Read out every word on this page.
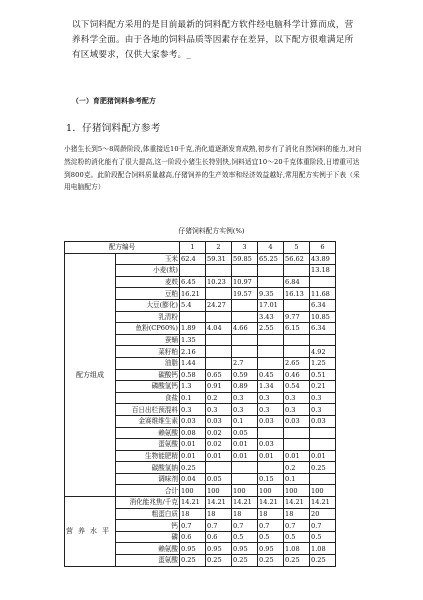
以下饲料配方采用的是目前最新的饲料配方软件经电脑科学计算而成，营养科学全面。由于各地的饲料品质等因素存在差异，以下配方很难满足所有区域要求，仅供大家参考。_
（一）育肥猪饲料参考配方
1．仔猪饲料配方参考
小猪生长到5～8周龄阶段,体重接近10千克,消化道逐渐发育成熟,初步有了消化自然饲料的能力,对自然淀粉的消化能有了很大提高,这一阶段小猪生长特别快,饲料适宜10～20千克体重阶段,日增重可达到800克。此阶段配合饲料质量越高,仔猪饲养的生产效率和经济效益越好,常用配方实例于下表（采用电脑配方）
仔猪饲料配方实例(%)
配方编号		1	2	3	4	5	6
配方组成	玉米	62.4	59.31	59.85	65.25	56.62	43.89
	小麦(麸)						13.18
	麦麸	6.45	10.23	10.97		6.84	
	豆粕	16.21		19.57	9.35	16.13	11.68
	大豆(膨化)	5.4	24.27		17.01		6.34
	乳清粉				3.43	9.77	10.85
	鱼粉(CP60%)	1.89	4.04	4.66	2.55	6.15	6.34
	蚕蛹	1.35					
	菜籽粕	2.16					4.92
	油脂	1.44		2.7		2.65	1.25
	碳酸钙	0.58	0.65	0.59	0.45	0.46	0.51
	磷酸氢钙	1.3	0.91	0.89	1.34	0.54	0.21
	食盐	0.1	0.2	0.3	0.3	0.3	0.3
	百日出栏预混料	0.3	0.3	0.3	0.3	0.3	0.3
	金赛维维生素	0.03	0.03	0.1	0.03	0.03	0.03
	赖氨酸	0.08	0.02	0.05			
	蛋氨酸	0.01	0.02	0.01	0.03		
	生物能肥精	0.01	0.01	0.01	0.01	0.01	0.01
	碳酸氢钠	0.25				0.2	0.25
	调味剂	0.04	0.05		0.15	0.1	
	合计	100	100	100	100	100	100
营养水平	消化能兆焦/千克	14.21	14.21	14.21	14.21	14.21	14.21
	粗蛋白质	18	18	18	18	18	20
	钙	0.7	0.7	0.7	0.7	0.7	0.7
	磷	0.6	0.6	0.5	0.5	0.5	0.5
	赖氨酸	0.95	0.95	0.95	0.95	1.08	1.08
	蛋氨酸	0.25	0.25	0.25	0.25	0.25	0.25
